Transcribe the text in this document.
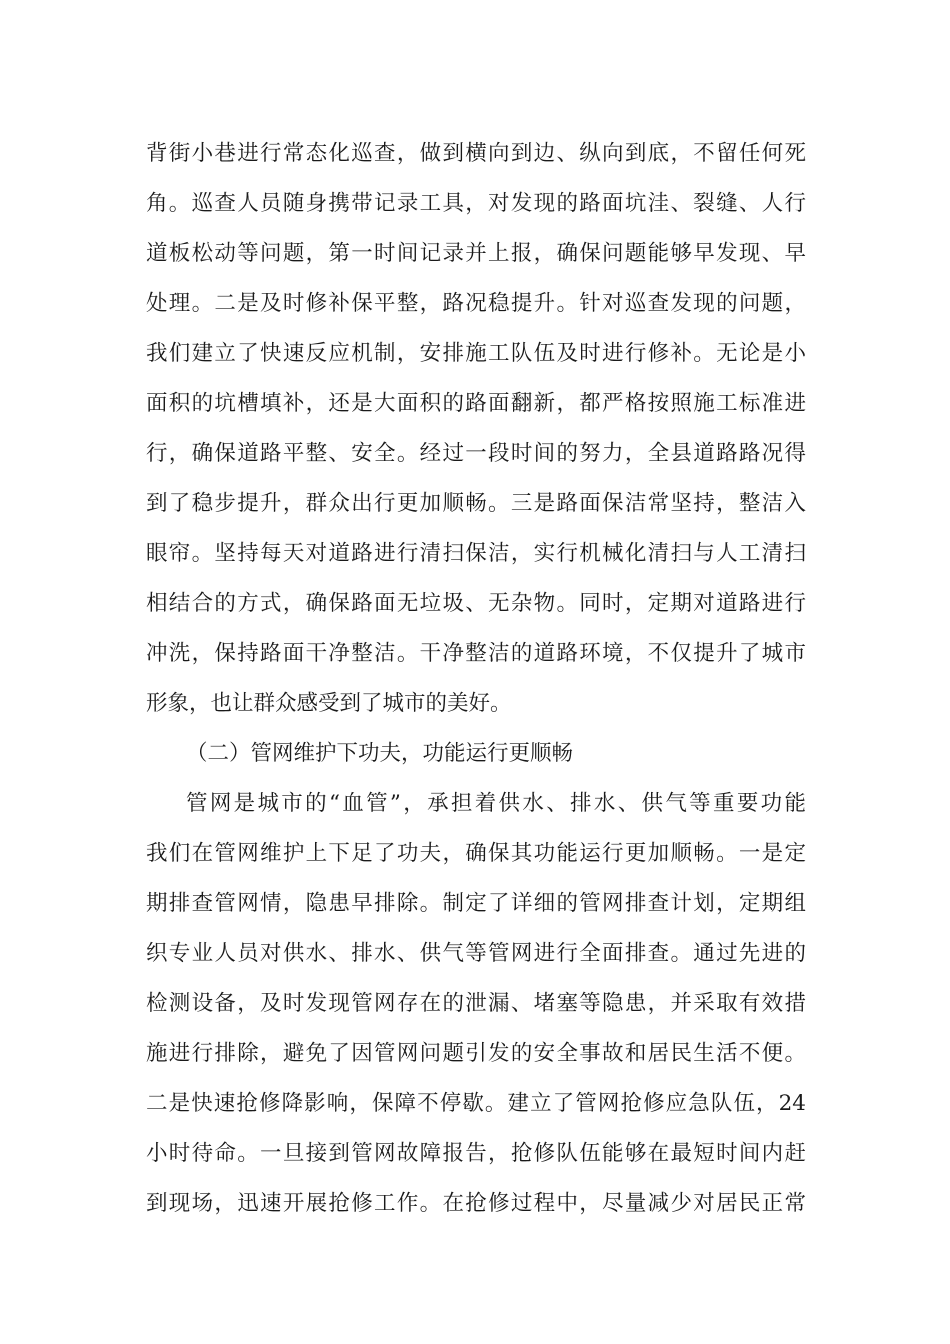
背街小巷进行常态化巡查，做到横向到边、纵向到底，不留任何死
角。巡查人员随身携带记录工具，对发现的路面坑洼、裂缝、人行
道板松动等问题，第一时间记录并上报，确保问题能够早发现、早
处理。二是及时修补保平整，路况稳提升。针对巡查发现的问题，
我们建立了快速反应机制，安排施工队伍及时进行修补。无论是小
面积的坑槽填补，还是大面积的路面翻新，都严格按照施工标准进
行，确保道路平整、安全。经过一段时间的努力，全县道路路况得
到了稳步提升，群众出行更加顺畅。三是路面保洁常坚持，整洁入
眼帘。坚持每天对道路进行清扫保洁，实行机械化清扫与人工清扫
相结合的方式，确保路面无垃圾、无杂物。同时，定期对道路进行
冲洗，保持路面干净整洁。干净整洁的道路环境，不仅提升了城市
形象，也让群众感受到了城市的美好。
（二）管网维护下功夫，功能运行更顺畅
管网是城市的“血管”，承担着供水、排水、供气等重要功能
我们在管网维护上下足了功夫，确保其功能运行更加顺畅。一是定
期排查管网情，隐患早排除。制定了详细的管网排查计划，定期组
织专业人员对供水、排水、供气等管网进行全面排查。通过先进的
检测设备，及时发现管网存在的泄漏、堵塞等隐患，并采取有效措
施进行排除，避免了因管网问题引发的安全事故和居民生活不便。
二是快速抢修降影响，保障不停歇。建立了管网抢修应急队伍，24
小时待命。一旦接到管网故障报告，抢修队伍能够在最短时间内赶
到现场，迅速开展抢修工作。在抢修过程中，尽量减少对居民正常
